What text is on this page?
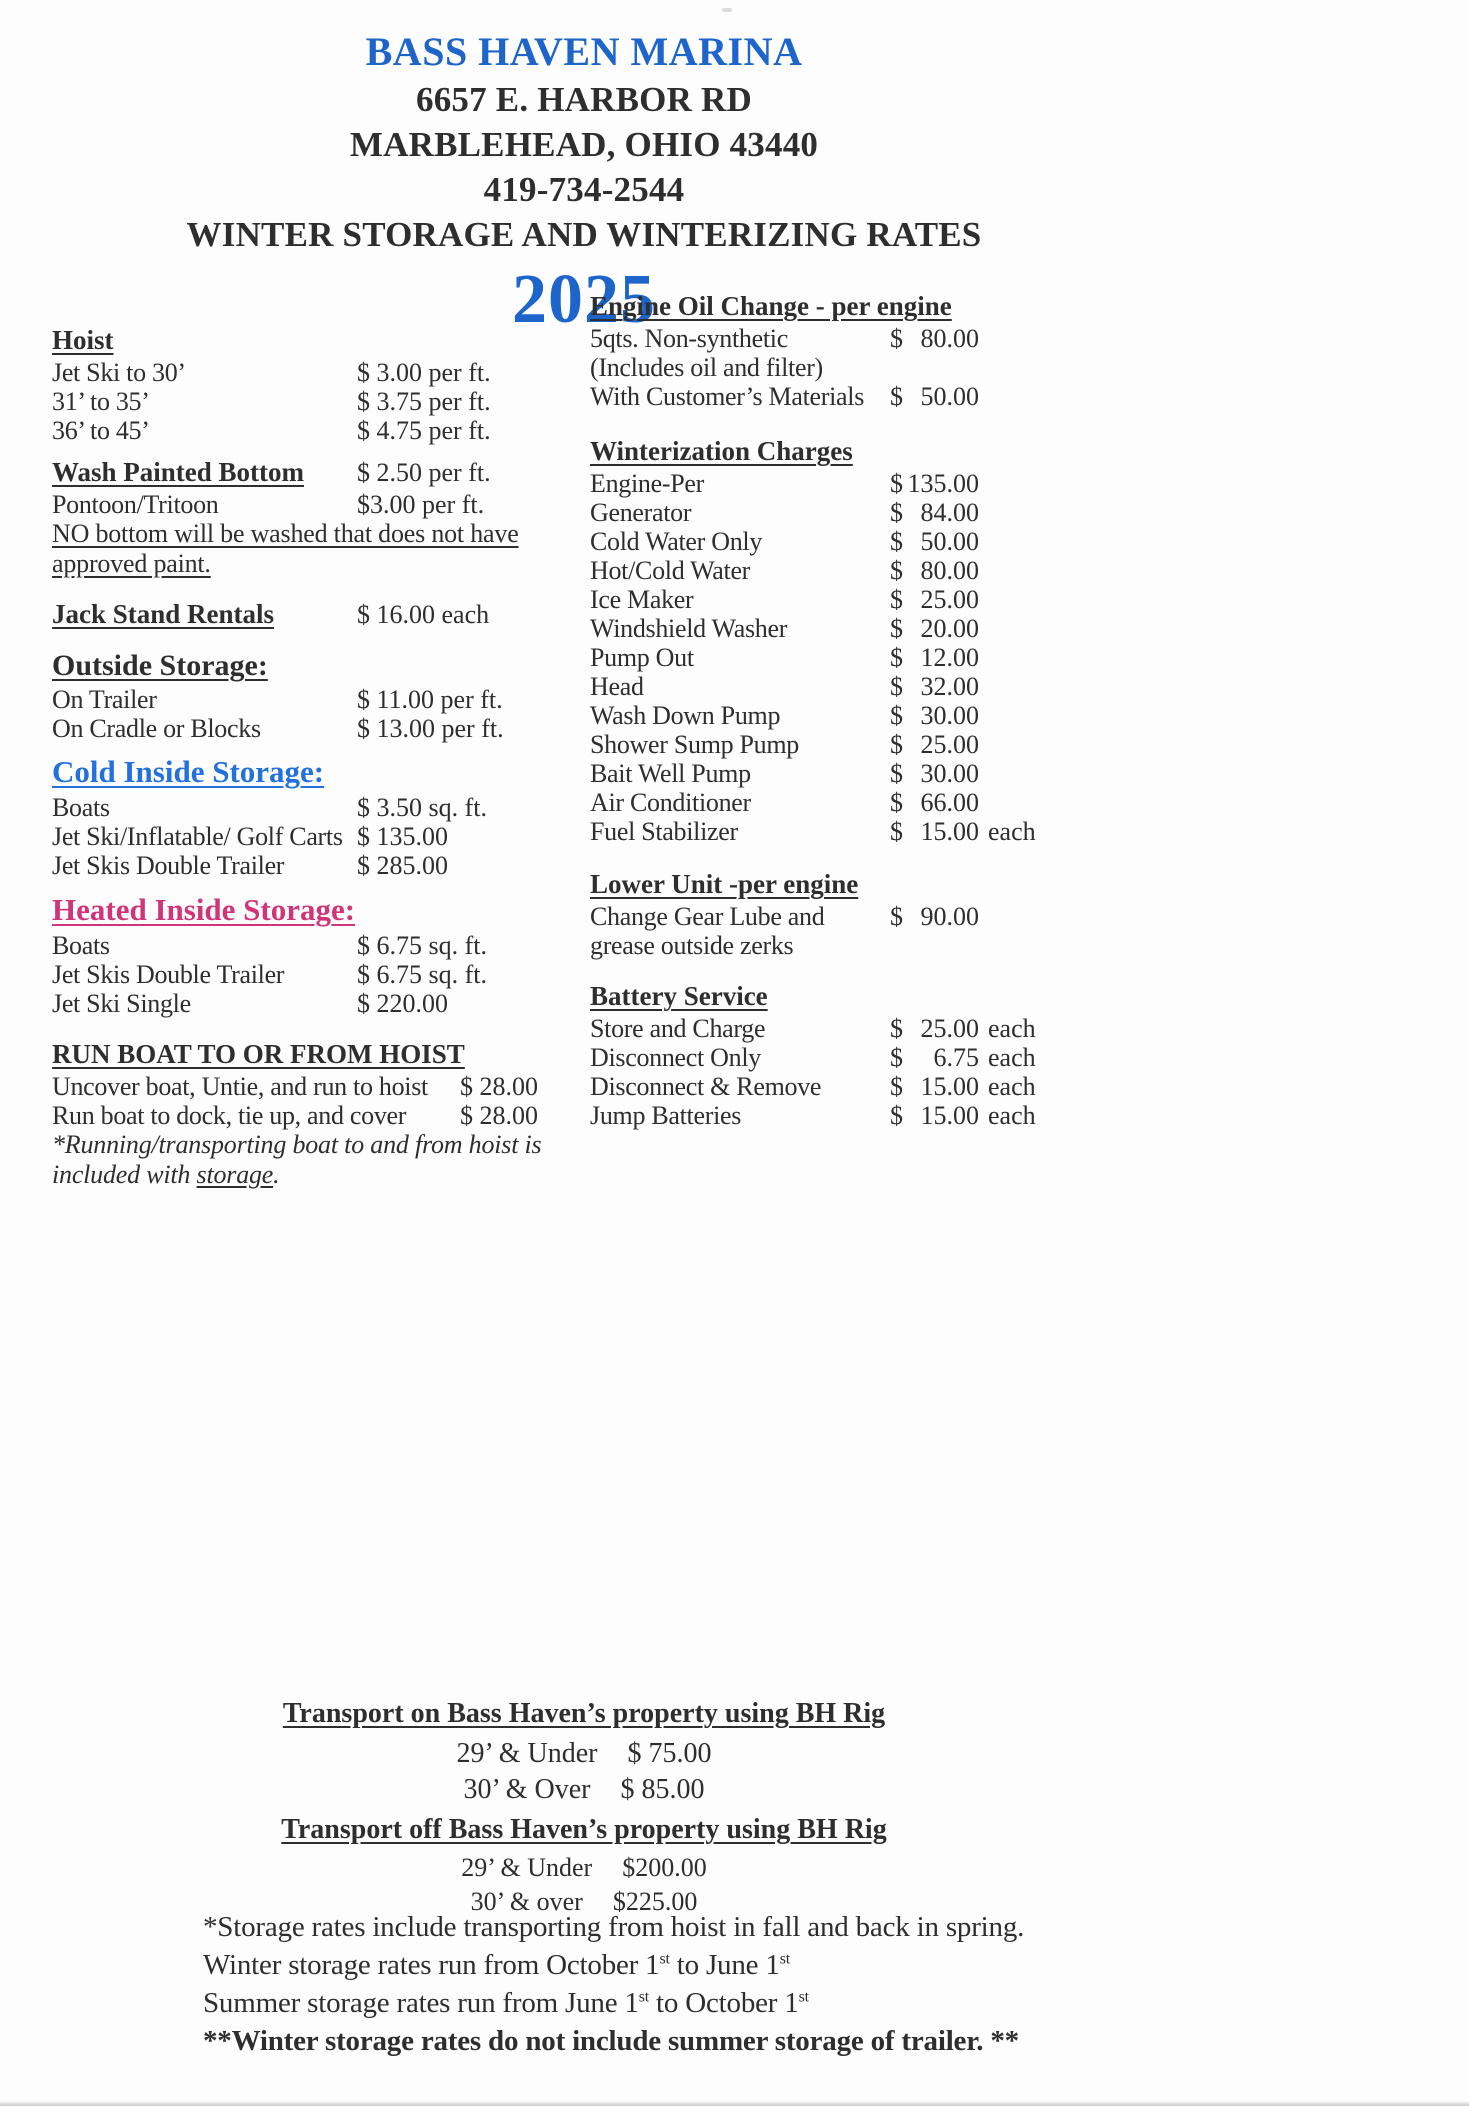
BASS HAVEN MARINA
6657 E. HARBOR RD
MARBLEHEAD, OHIO 43440
419-734-2544
WINTER STORAGE AND WINTERIZING RATES
2025
Hoist
Jet Ski to 30’	$ 3.00 per ft.
31’ to 35’	$ 3.75 per ft.
36’ to 45’	$ 4.75 per ft.
Wash Painted Bottom $ 2.50 per ft.
Pontoon/Tritoon	$3.00 per ft.
NO bottom will be washed that does not have
approved paint.
Jack Stand Rentals	$ 16.00 each
Outside Storage:
On Trailer	$ 11.00 per ft.
On Cradle or Blocks	$ 13.00 per ft.
Cold Inside Storage:
Boats	$ 3.50 sq. ft.
Jet Ski/Inflatable/ Golf Carts $ 135.00
Jet Skis Double Trailer	$ 285.00
Heated Inside Storage:
Boats	$ 6.75 sq. ft.
Jet Skis Double Trailer	$ 6.75 sq. ft.
Jet Ski Single	$ 220.00
RUN BOAT TO OR FROM HOIST
Uncover boat, Untie, and run to hoist $ 28.00
Run boat to dock, tie up, and cover $ 28.00
*Running/transporting boat to and from hoist is
included with storage.
Engine Oil Change - per engine
5qts. Non-synthetic	$ 80.00
(Includes oil and filter)
With Customer’s Materials $ 50.00
Winterization Charges
Engine-Per	$ 135.00
Generator	$ 84.00
Cold Water Only	$ 50.00
Hot/Cold Water	$ 80.00
Ice Maker	$ 25.00
Windshield Washer	$ 20.00
Pump Out	$ 12.00
Head	$ 32.00
Wash Down Pump	$ 30.00
Shower Sump Pump	$ 25.00
Bait Well Pump	$ 30.00
Air Conditioner	$ 66.00
Fuel Stabilizer	$ 15.00 each
Lower Unit -per engine
Change Gear Lube and	$ 90.00
grease outside zerks
Battery Service
Store and Charge	$ 25.00 each
Disconnect Only	$ 6.75 each
Disconnect & Remove	$ 15.00 each
Jump Batteries	$ 15.00 each
Transport on Bass Haven’s property using BH Rig
29’ & Under $ 75.00
30’ & Over $ 85.00
Transport off Bass Haven’s property using BH Rig
29’ & Under $200.00
30’ & over $225.00
*Storage rates include transporting from hoist in fall and back in spring.
Winter storage rates run from October 1st to June 1st
Summer storage rates run from June 1st to October 1st
**Winter storage rates do not include summer storage of trailer. **
